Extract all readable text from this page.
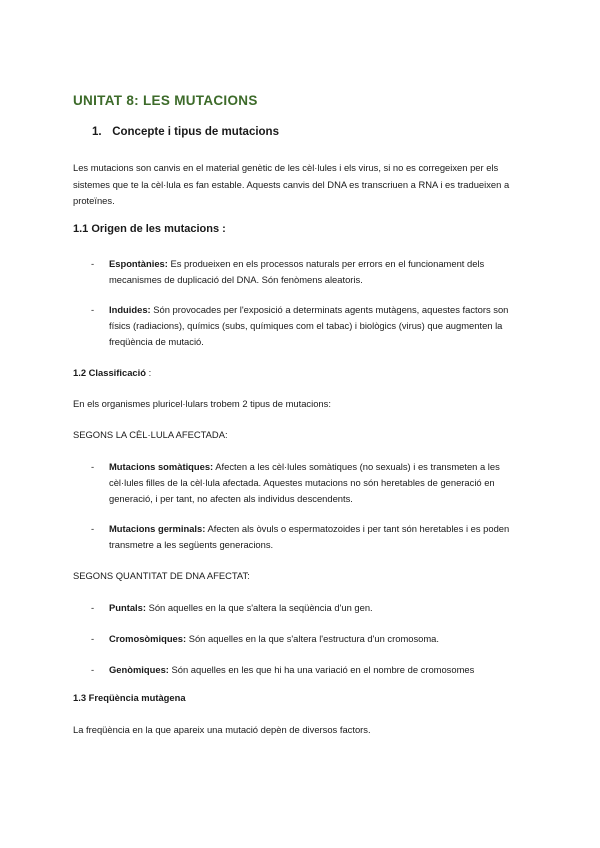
UNITAT 8: LES MUTACIONS
1. Concepte i tipus de mutacions
Les mutacions son canvis en el material genètic de les cèl·lules i els virus, si no es corregeixen per els sistemes que te la cèl·lula es fan estable. Aquests canvis del DNA es transcriuen a RNA i es tradueixen a proteïnes.
1.1 Origen de les mutacions :
- Espontànies: Es produeixen en els processos naturals per errors en el funcionament dels mecanismes de duplicació del DNA. Són fenòmens aleatoris.
- Induides: Són provocades per l'exposició a determinats agents mutàgens, aquestes factors son físics (radiacions), químics (subs, químiques com el tabac) i biològics (virus) que augmenten la freqüència de mutació.
1.2 Classificació :
En els organismes pluricel·lulars trobem 2 tipus de mutacions:
SEGONS LA CÈL·LULA AFECTADA:
- Mutacions somàtiques: Afecten a les cèl·lules somàtiques (no sexuals) i es transmeten a les cèl·lules filles de la cèl·lula afectada. Aquestes mutacions no són heretables de generació en generació, i per tant, no afecten als individus descendents.
- Mutacions germinals: Afecten als òvuls o espermatozoides i per tant són heretables i es poden transmetre a les següents generacions.
SEGONS QUANTITAT DE DNA AFECTAT:
- Puntals: Són aquelles en la que s'altera la seqüència d'un gen.
- Cromosòmiques: Són aquelles en la que s'altera l'estructura d'un cromosoma.
- Genòmiques: Són aquelles en les que hi ha una variació en el nombre de cromosomes
1.3 Freqüència mutàgena
La freqüència en la que apareix una mutació depèn de diversos factors.
